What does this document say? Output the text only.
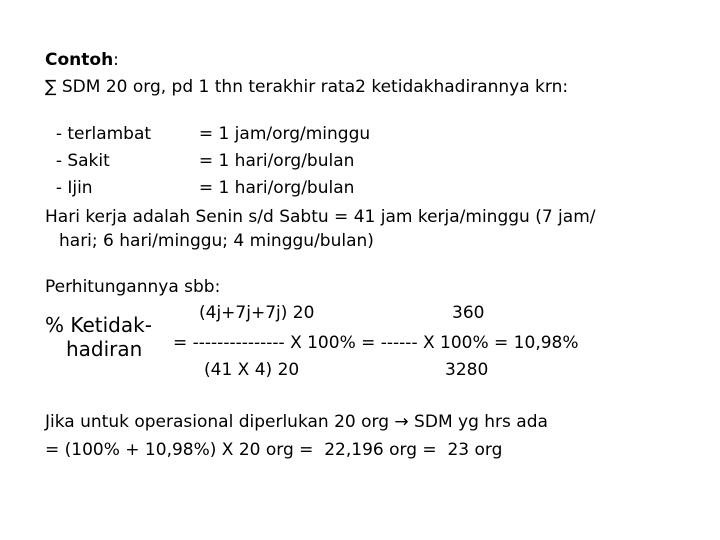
Contoh:
∑ SDM 20 org, pd 1 thn terakhir rata2 ketidakhadirannya krn:

- terlambat	= 1 jam/org/minggu

- Sakit	= 1 hari/org/bulan

- Ijin	= 1 hari/org/bulan

Hari kerja adalah Senin s/d Sabtu = 41 jam kerja/minggu (7 jam/
hari; 6 hari/minggu; 4 minggu/bulan)
Perhitungannya sbb:
(4j+7j+7j) 20	360
% Ketidak-
hadiran = --------------- X 100% = ------ X 100% = 10,98%
(41 X 4) 20	3280
Jika untuk operasional diperlukan 20 org → SDM yg hrs ada
= (100% + 10,98%) X 20 org =  22,196 org =  23 org
